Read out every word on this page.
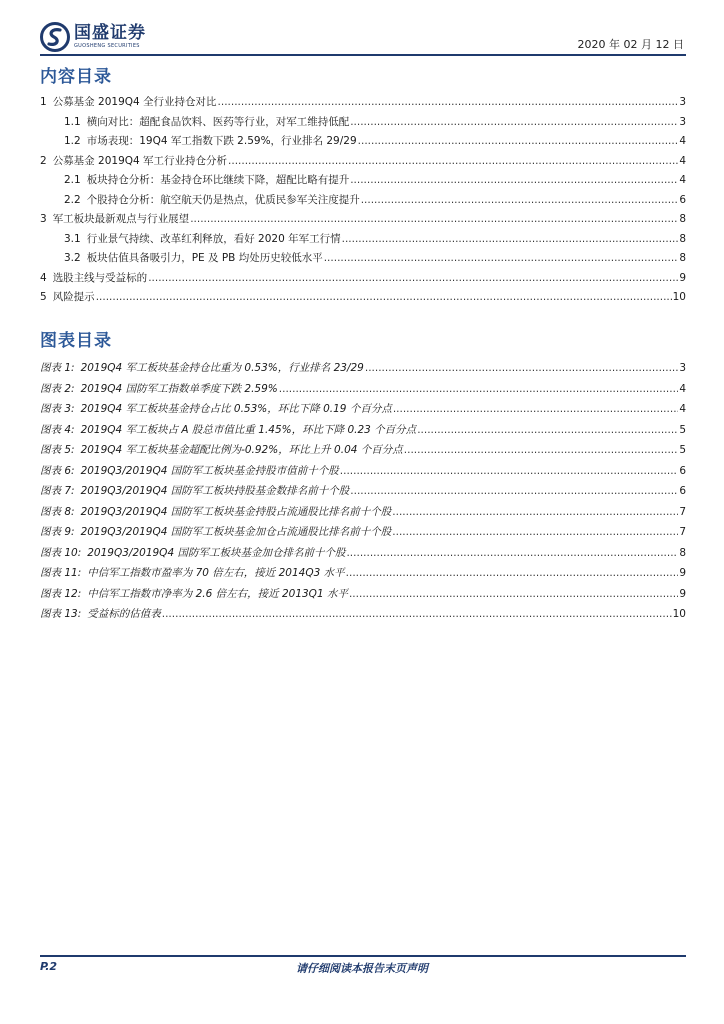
国盛证券
GUOSHENG SECURITIES	2020 年 02 月 12 日
内容目录
1 公募基金 2019Q4 全行业持仓对比 .....	3
1.1 横向对比：超配食品饮料、医药等行业，对军工维持低配 .....	3
1.2 市场表现：19Q4 军工指数下跌 2.59%，行业排名 29/29 .....	4
2 公募基金 2019Q4 军工行业持仓分析 .....	4
2.1 板块持仓分析：基金持仓环比继续下降，超配比略有提升 .....	4
2.2 个股持仓分析：航空航天仍是热点，优质民参军关注度提升 .....	6
3 军工板块最新观点与行业展望 .....	8
3.1 行业景气持续、改革红利释放，看好 2020 年军工行情 .....	8
3.2 板块估值具备吸引力，PE 及 PB 均处历史较低水平 .....	8
4 选股主线与受益标的 .....	9
5 风险提示 .....	10
图表目录
图表 1: 2019Q4 军工板块基金持仓比重为 0.53%，行业排名 23/29 .....	3
图表 2: 2019Q4 国防军工指数单季度下跌 2.59% .....	4
图表 3: 2019Q4 军工板块基金持仓占比 0.53%，环比下降 0.19 个百分点 .....	4
图表 4: 2019Q4 军工板块占 A 股总市值比重 1.45%，环比下降 0.23 个百分点 .....	5
图表 5: 2019Q4 军工板块基金超配比例为-0.92%，环比上升 0.04 个百分点 .....	5
图表 6: 2019Q3/2019Q4 国防军工板块基金持股市值前十个股 .....	6
图表 7: 2019Q3/2019Q4 国防军工板块持股基金数排名前十个股 .....	6
图表 8: 2019Q3/2019Q4 国防军工板块基金持股占流通股比排名前十个股 .....	7
图表 9: 2019Q3/2019Q4 国防军工板块基金加仓占流通股比排名前十个股 .....	7
图表 10: 2019Q3/2019Q4 国防军工板块基金加仓排名前十个股 .....	8
图表 11: 中信军工指数市盈率为 70 倍左右，接近 2014Q3 水平 .....	9
图表 12: 中信军工指数市净率为 2.6 倍左右，接近 2013Q1 水平 .....	9
图表 13: 受益标的估值表 .....	10
P.2	请仔细阅读本报告末页声明
